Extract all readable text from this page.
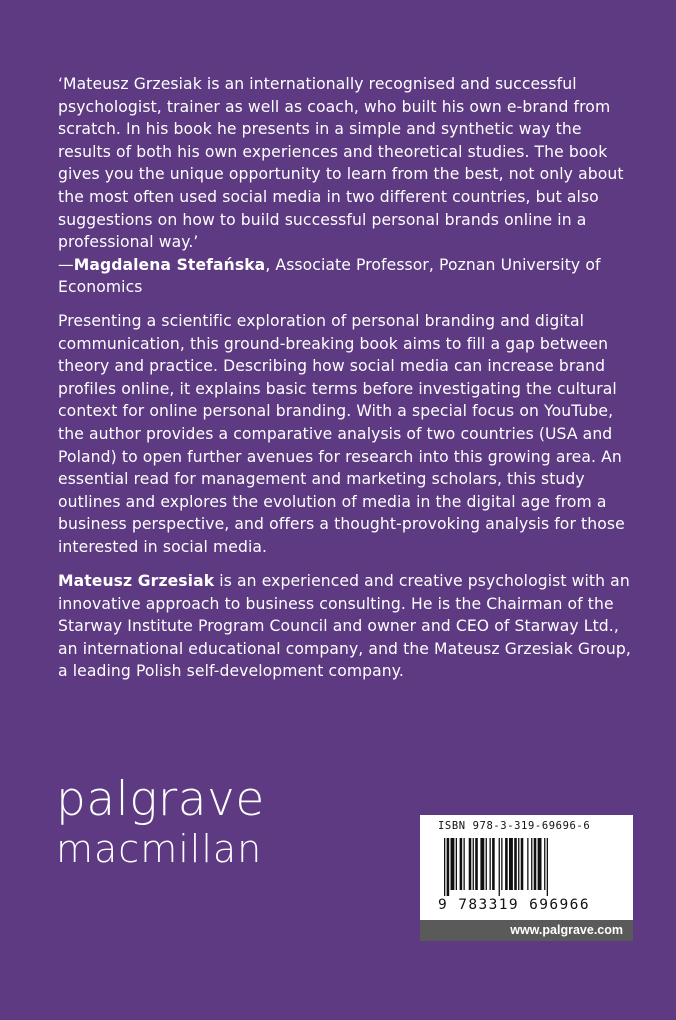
‘Mateusz Grzesiak is an internationally recognised and successful psychologist, trainer as well as coach, who built his own e-brand from scratch. In his book he presents in a simple and synthetic way the results of both his own experiences and theoretical studies. The book gives you the unique opportunity to learn from the best, not only about the most often used social media in two different countries, but also suggestions on how to build successful personal brands online in a professional way.’
—Magdalena Stefańska, Associate Professor, Poznan University of Economics
Presenting a scientific exploration of personal branding and digital communication, this ground-breaking book aims to fill a gap between theory and practice. Describing how social media can increase brand profiles online, it explains basic terms before investigating the cultural context for online personal branding. With a special focus on YouTube, the author provides a comparative analysis of two countries (USA and Poland) to open further avenues for research into this growing area. An essential read for management and marketing scholars, this study outlines and explores the evolution of media in the digital age from a business perspective, and offers a thought-provoking analysis for those interested in social media.
Mateusz Grzesiak is an experienced and creative psychologist with an innovative approach to business consulting. He is the Chairman of the Starway Institute Program Council and owner and CEO of Starway Ltd., an international educational company, and the Mateusz Grzesiak Group, a leading Polish self-development company.
palgrave
macmillan
ISBN 978-3-319-69696-6
9 783319 696966
www.palgrave.com
